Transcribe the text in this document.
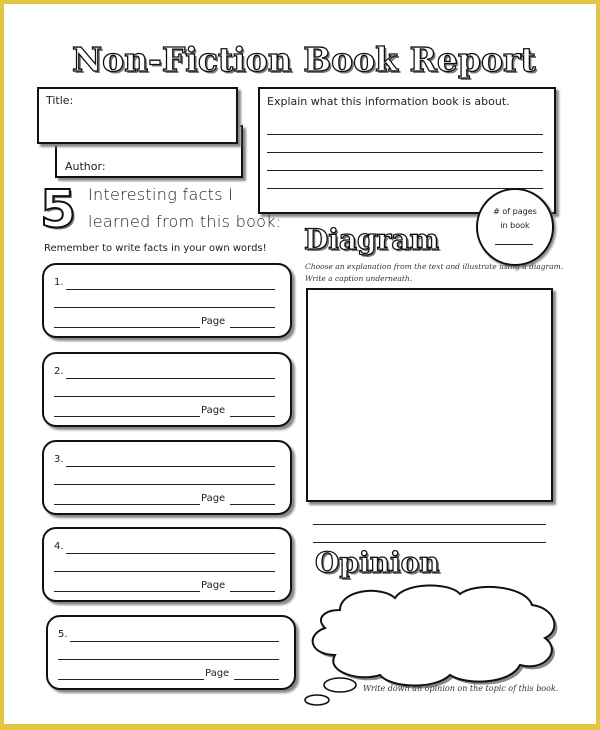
Non-Fiction Book Report
Author:
Title:	Explain what this information book is about.
# of pages
in book
5 Interesting facts I
learned from this book:
Remember to write facts in your own words!
1.
Page
2.
Page
3.
Page
4.
Page
5.
Page
Diagram
Choose an explanation from the text and illustrate using a diagram.
Write a caption underneath.
Opinion
Write down an opinion on the topic of this book.
